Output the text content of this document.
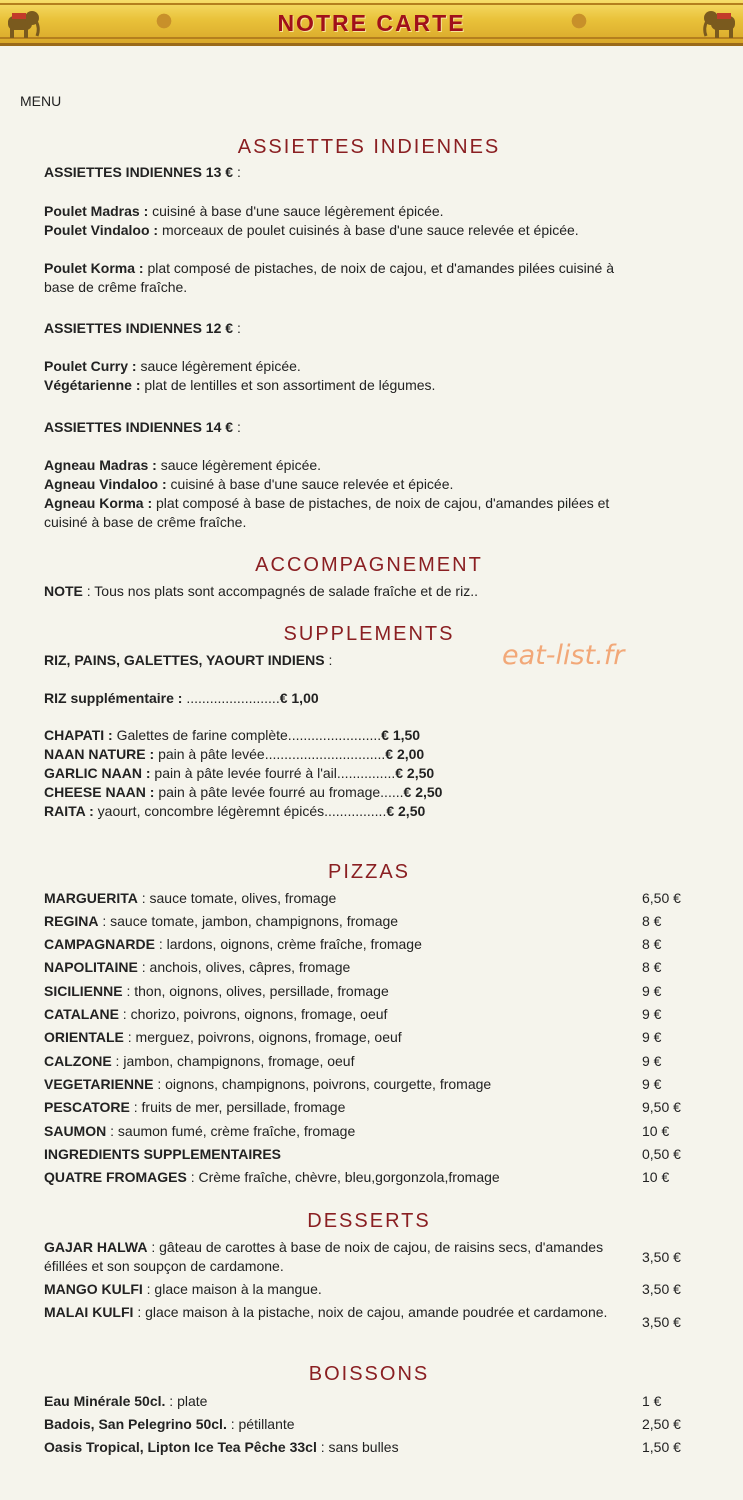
NOTRE CARTE
MENU
eat-list.fr
ASSIETTES INDIENNES
ASSIETTES INDIENNES 13 € :
Poulet Madras : cuisiné à base d'une sauce légèrement épicée.
Poulet Vindaloo : morceaux de poulet cuisinés à base d'une sauce relevée et épicée.
Poulet Korma : plat composé de pistaches, de noix de cajou, et d'amandes pilées cuisiné à base de crême fraîche.
ASSIETTES INDIENNES 12 € :
Poulet Curry : sauce légèrement épicée.
Végétarienne : plat de lentilles et son assortiment de légumes.
ASSIETTES INDIENNES 14 € :
Agneau Madras : sauce légèrement épicée.
Agneau Vindaloo : cuisiné à base d'une sauce relevée et épicée.
Agneau Korma : plat composé à base de pistaches, de noix de cajou, d'amandes pilées et cuisiné à base de crême fraîche.
ACCOMPAGNEMENT
NOTE : Tous nos plats sont accompagnés de salade fraîche et de riz..
SUPPLEMENTS
RIZ, PAINS, GALETTES, YAOURT INDIENS :
RIZ supplémentaire : ........................€ 1,00
CHAPATI : Galettes de farine complète........................€ 1,50
NAAN NATURE : pain à pâte levée...............................€ 2,00
GARLIC NAAN : pain à pâte levée fourré à l'ail...............€ 2,50
CHEESE NAAN : pain à pâte levée fourré au fromage......€ 2,50
RAITA : yaourt, concombre légèremnt épicés................€ 2,50
PIZZAS
MARGUERITA : sauce tomate, olives, fromage	6,50 €
REGINA : sauce tomate, jambon, champignons, fromage	8 €
CAMPAGNARDE : lardons, oignons, crème fraîche, fromage	8 €
NAPOLITAINE : anchois, olives, câpres, fromage	8 €
SICILIENNE : thon, oignons, olives, persillade, fromage	9 €
CATALANE : chorizo, poivrons, oignons, fromage, oeuf	9 €
ORIENTALE : merguez, poivrons, oignons, fromage, oeuf	9 €
CALZONE : jambon, champignons, fromage, oeuf	9 €
VEGETARIENNE : oignons, champignons, poivrons, courgette, fromage	9 €
PESCATORE : fruits de mer, persillade, fromage	9,50 €
SAUMON : saumon fumé, crème fraîche, fromage	10 €
INGREDIENTS SUPPLEMENTAIRES	0,50 €
QUATRE FROMAGES : Crème fraîche, chèvre, bleu,gorgonzola,fromage	10 €
DESSERTS
GAJAR HALWA : gâteau de carottes à base de noix de cajou, de raisins secs, d'amandes éfillées et son soupçon de cardamone.
3,50 €
MANGO KULFI : glace maison à la mangue.	3,50 €
MALAI KULFI : glace maison à la pistache, noix de cajou, amande poudrée et cardamone.
3,50 €
BOISSONS
Eau Minérale 50cl. : plate	1 €
Badois, San Pelegrino 50cl. : pétillante	2,50 €
Oasis Tropical, Lipton Ice Tea Pêche 33cl : sans bulles	1,50 €
